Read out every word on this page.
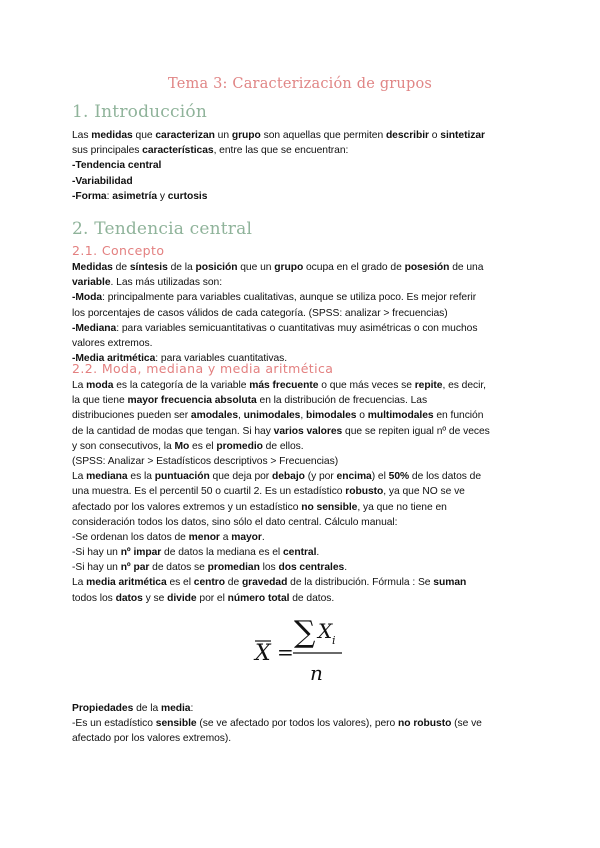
Tema 3: Caracterización de grupos
1. Introducción
Las medidas que caracterizan un grupo son aquellas que permiten describir o sintetizar
sus principales características, entre las que se encuentran:
-Tendencia central
-Variabilidad
-Forma: asimetría y curtosis
2. Tendencia central
2.1. Concepto
Medidas de síntesis de la posición que un grupo ocupa en el grado de posesión de una
variable. Las más utilizadas son:
-Moda: principalmente para variables cualitativas, aunque se utiliza poco. Es mejor referir
los porcentajes de casos válidos de cada categoría. (SPSS: analizar > frecuencias)
-Mediana: para variables semicuantitativas o cuantitativas muy asimétricas o con muchos
valores extremos.
-Media aritmética: para variables cuantitativas.
2.2. Moda, mediana y media aritmética
La moda es la categoría de la variable más frecuente o que más veces se repite, es decir,
la que tiene mayor frecuencia absoluta en la distribución de frecuencias. Las
distribuciones pueden ser amodales, unimodales, bimodales o multimodales en función
de la cantidad de modas que tengan. Si hay varios valores que se repiten igual nº de veces
y son consecutivos, la Mo es el promedio de ellos.
(SPSS: Analizar > Estadísticos descriptivos > Frecuencias)
La mediana es la puntuación que deja por debajo (y por encima) el 50% de los datos de
una muestra. Es el percentil 50 o cuartil 2. Es un estadístico robusto, ya que NO se ve
afectado por los valores extremos y un estadístico no sensible, ya que no tiene en
consideración todos los datos, sino sólo el dato central. Cálculo manual:
-Se ordenan los datos de menor a mayor.
-Si hay un nº impar de datos la mediana es el central.
-Si hay un nº par de datos se promedian los dos centrales.
La media aritmética es el centro de gravedad de la distribución. Fórmula : Se suman
todos los datos y se divide por el número total de datos.
X =
∑ X i
n
Propiedades de la media:
-Es un estadístico sensible (se ve afectado por todos los valores), pero no robusto (se ve
afectado por los valores extremos).
